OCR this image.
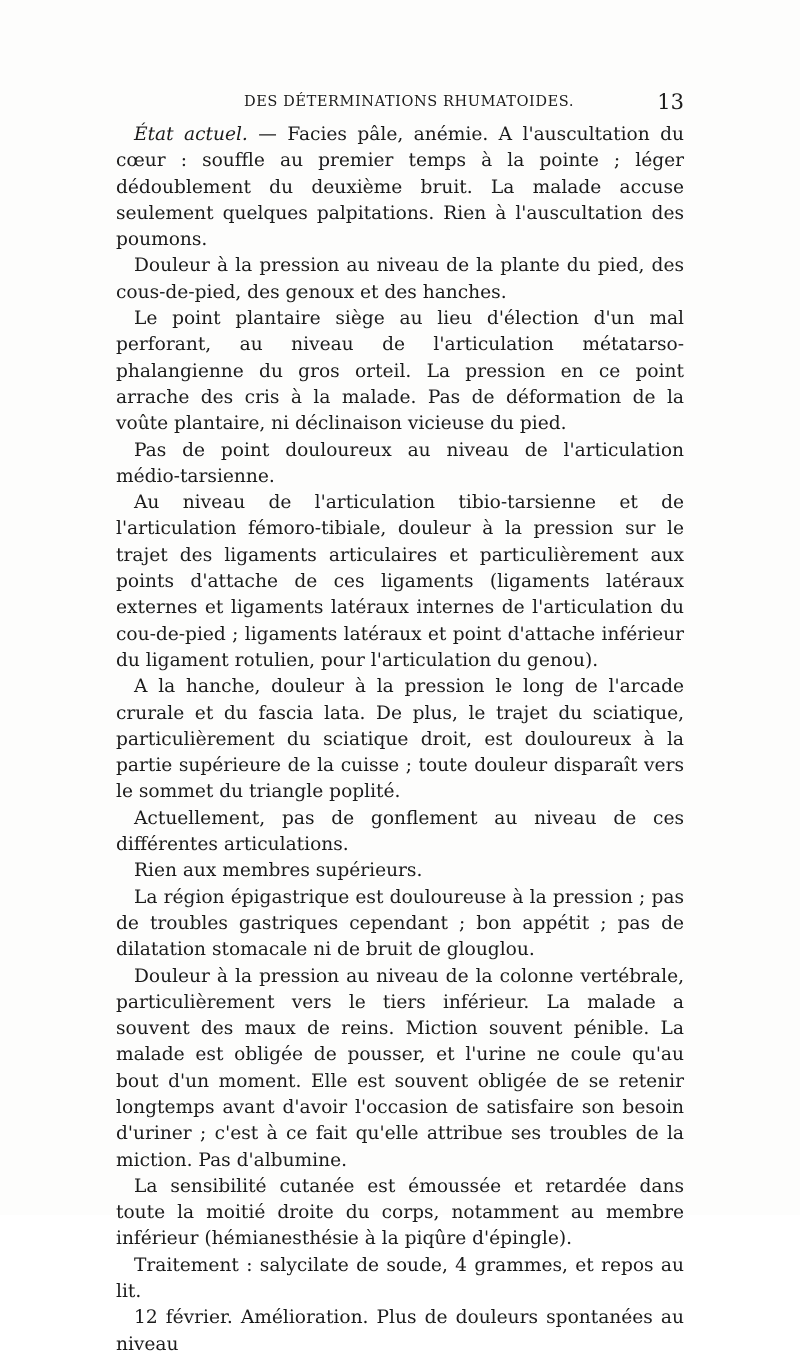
DES DÉTERMINATIONS RHUMATOIDES.	13

État actuel. — Facies pâle, anémie. A l'auscultation du cœur : souffle au premier temps à la pointe ; léger dédoublement du deuxième bruit. La malade accuse seulement quelques palpitations. Rien à l'auscultation des poumons.

Douleur à la pression au niveau de la plante du pied, des cous-de-pied, des genoux et des hanches.

Le point plantaire siège au lieu d'élection d'un mal perforant, au niveau de l'articulation métatarso-phalangienne du gros orteil. La pression en ce point arrache des cris à la malade. Pas de déformation de la voûte plantaire, ni déclinaison vicieuse du pied.

Pas de point douloureux au niveau de l'articulation médio-tarsienne.

Au niveau de l'articulation tibio-tarsienne et de l'articulation fémoro-tibiale, douleur à la pression sur le trajet des ligaments articulaires et particulièrement aux points d'attache de ces ligaments (ligaments latéraux externes et ligaments latéraux internes de l'articulation du cou-de-pied ; ligaments latéraux et point d'attache inférieur du ligament rotulien, pour l'articulation du genou).

A la hanche, douleur à la pression le long de l'arcade crurale et du fascia lata. De plus, le trajet du sciatique, particulièrement du sciatique droit, est douloureux à la partie supérieure de la cuisse ; toute douleur disparaît vers le sommet du triangle poplité.

Actuellement, pas de gonflement au niveau de ces différentes articulations.

Rien aux membres supérieurs.

La région épigastrique est douloureuse à la pression ; pas de troubles gastriques cependant ; bon appétit ; pas de dilatation stomacale ni de bruit de glouglou.

Douleur à la pression au niveau de la colonne vertébrale, particulièrement vers le tiers inférieur. La malade a souvent des maux de reins. Miction souvent pénible. La malade est obligée de pousser, et l'urine ne coule qu'au bout d'un moment. Elle est souvent obligée de se retenir longtemps avant d'avoir l'occasion de satisfaire son besoin d'uriner ; c'est à ce fait qu'elle attribue ses troubles de la miction. Pas d'albumine.

La sensibilité cutanée est émoussée et retardée dans toute la moitié droite du corps, notamment au membre inférieur (hémianesthésie à la piqûre d'épingle).

Traitement : salycilate de soude, 4 grammes, et repos au lit.

12 février. Amélioration. Plus de douleurs spontanées au niveau
